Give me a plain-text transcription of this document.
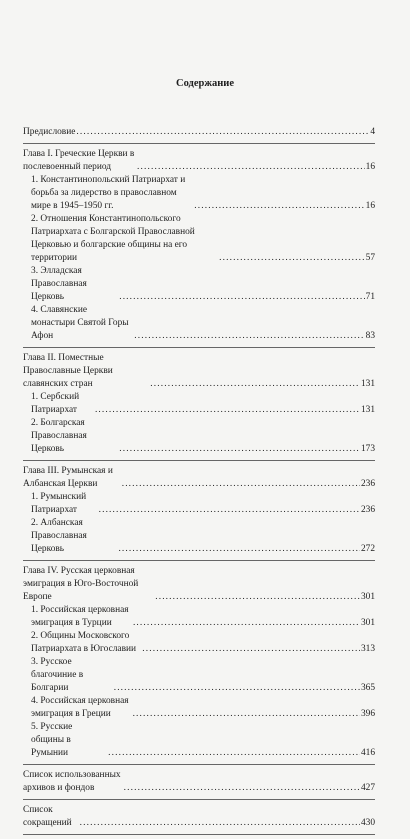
Содержание
Предисловие . . .	4
Глава I. Греческие Церкви в послевоенный период . . .	16
1. Константинопольский Патриархат и борьба за лидерство в православном мире в 1945–1950 гг. . . .	16
2. Отношения Константинопольского Патриархата с Болгарской Православной Церковью и болгарские общины на его территории . . .	57
3. Элладская Православная Церковь . . .	71
4. Славянские монастыри Святой Горы Афон . . .	83
Глава II. Поместные Православные Церкви славянских стран . . .	131
1. Сербский Патриархат . . .	131
2. Болгарская Православная Церковь . . .	173
Глава III. Румынская и Албанская Церкви . . .	236
1. Румынский Патриархат . . .	236
2. Албанская Православная Церковь . . .	272
Глава IV. Русская церковная эмиграция в Юго-Восточной Европе . . .	301
1. Российская церковная эмиграция в Турции . . .	301
2. Общины Московского Патриархата в Югославии . . .	313
3. Русское благочиние в Болгарии . . .	365
4. Российская церковная эмиграция в Греции . . .	396
5. Русские общины в Румынии . . .	416
Список использованных архивов и фондов . . .	427
Список сокращений . . .	430
